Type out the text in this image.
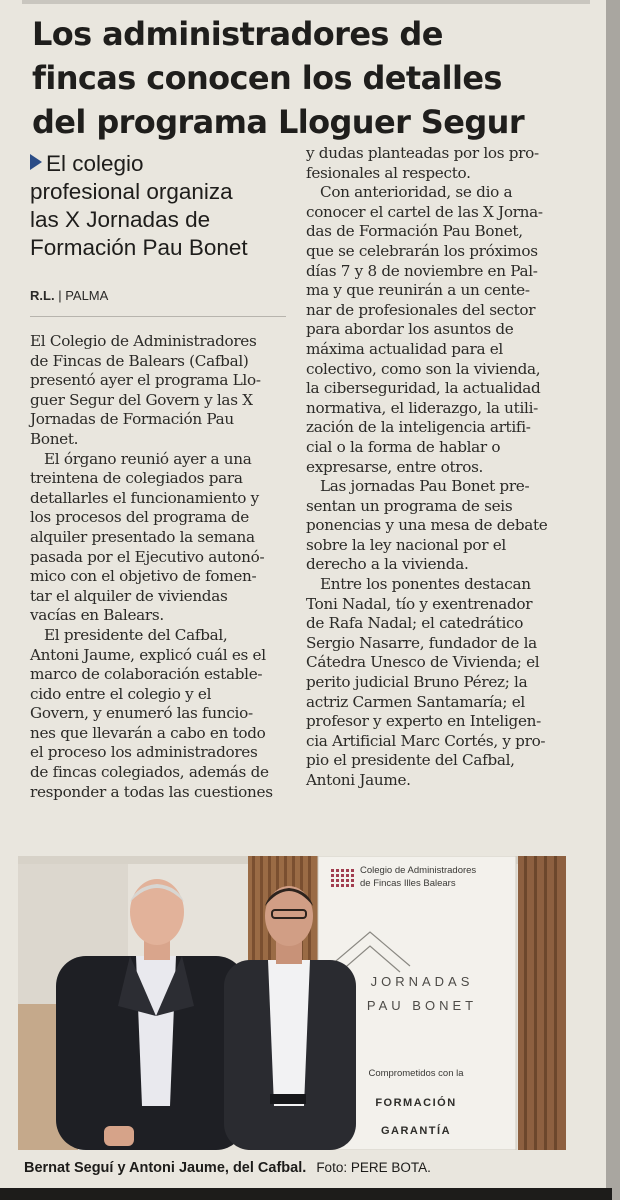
Los administradores de
fincas conocen los detalles
del programa Lloguer Segur
El colegio
profesional organiza
las X Jornadas de
Formación Pau Bonet
R.L. | PALMA
El Colegio de Administradores
de Fincas de Balears (Cafbal)
presentó ayer el programa Llo-
guer Segur del Govern y las X
Jornadas de Formación Pau
Bonet.
El órgano reunió ayer a una
treintena de colegiados para
detallarles el funcionamiento y
los procesos del programa de
alquiler presentado la semana
pasada por el Ejecutivo autonó-
mico con el objetivo de fomen-
tar el alquiler de viviendas
vacías en Balears.
El presidente del Cafbal,
Antoni Jaume, explicó cuál es el
marco de colaboración estable-
cido entre el colegio y el
Govern, y enumeró las funcio-
nes que llevarán a cabo en todo
el proceso los administradores
de fincas colegiados, además de
responder a todas las cuestiones
y dudas planteadas por los pro-
fesionales al respecto.
Con anterioridad, se dio a
conocer el cartel de las X Jorna-
das de Formación Pau Bonet,
que se celebrarán los próximos
días 7 y 8 de noviembre en Pal-
ma y que reunirán a un cente-
nar de profesionales del sector
para abordar los asuntos de
máxima actualidad para el
colectivo, como son la vivienda,
la ciberseguridad, la actualidad
normativa, el liderazgo, la utili-
zación de la inteligencia artifi-
cial o la forma de hablar o
expresarse, entre otros.
Las jornadas Pau Bonet pre-
sentan un programa de seis
ponencias y una mesa de debate
sobre la ley nacional por el
derecho a la vivienda.
Entre los ponentes destacan
Toni Nadal, tío y exentrenador
de Rafa Nadal; el catedrático
Sergio Nasarre, fundador de la
Cátedra Unesco de Vivienda; el
perito judicial Bruno Pérez; la
actriz Carmen Santamaría; el
profesor y experto en Inteligen-
cia Artificial Marc Cortés, y pro-
pio el presidente del Cafbal,
Antoni Jaume.
Colegio de Administradores
de Fincas Illes Balears
JORNADAS
PAU BONET
Comprometidos con la
FORMACIÓN
GARANTÍA
Bernat Seguí y Antoni Jaume, del Cafbal. Foto: PERE BOTA.
